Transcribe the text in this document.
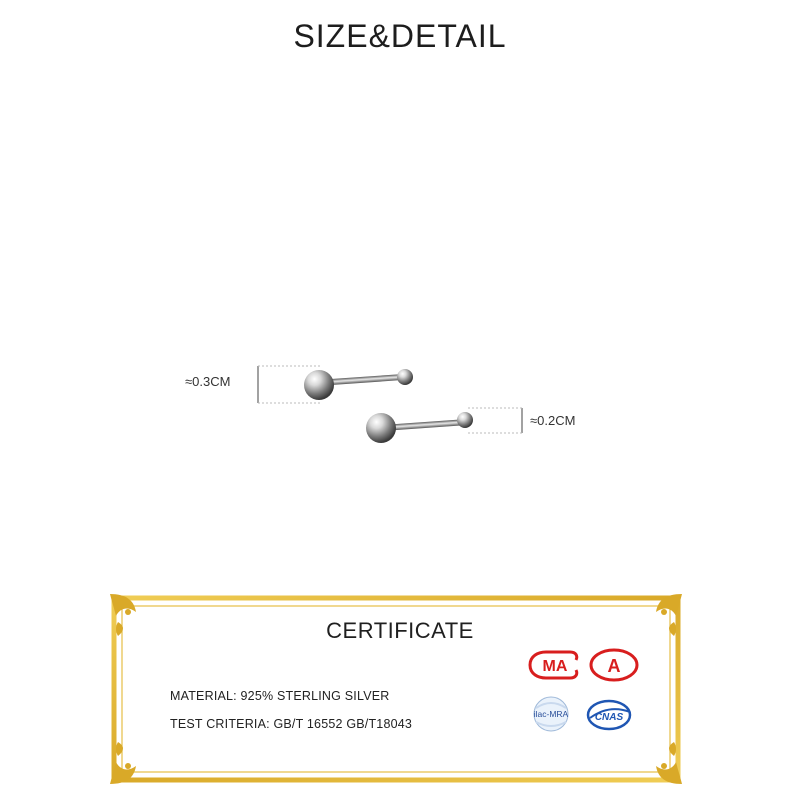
SIZE&DETAIL
≈0.3CM
≈0.2CM
CERTIFICATE
MATERIAL: 925% STERLING SILVER
TEST CRITERIA: GB/T 16552 GB/T18043
MA A
ilac-MRA	CNAS
